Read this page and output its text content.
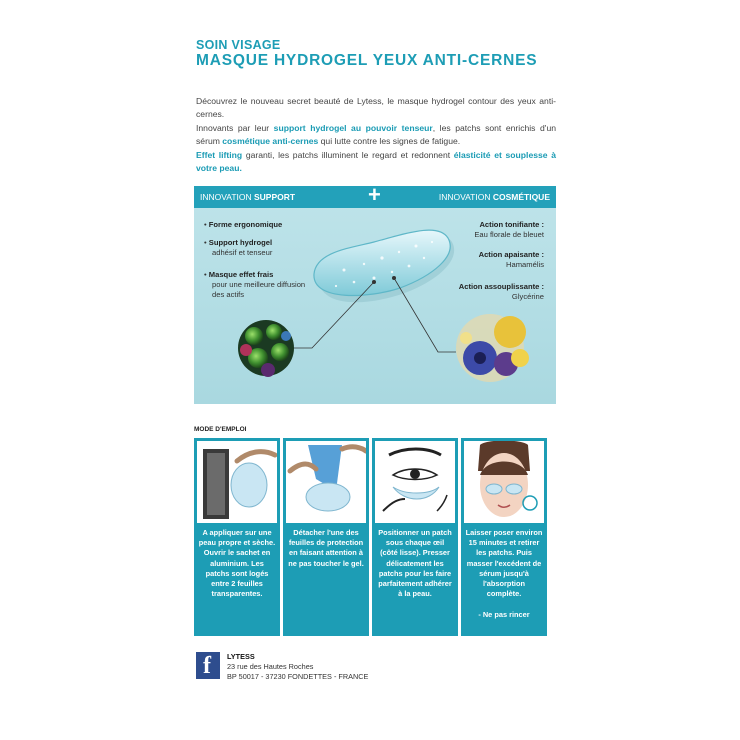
SOIN VISAGE
MASQUE HYDROGEL YEUX ANTI-CERNES
Découvrez le nouveau secret beauté de Lytess, le masque hydrogel contour des yeux anti-cernes.
Innovants par leur support hydrogel au pouvoir tenseur, les patchs sont enrichis d'un sérum cosmétique anti-cernes qui lutte contre les signes de fatigue.
Effet lifting garanti, les patchs illuminent le regard et redonnent élasticité et souplesse à votre peau.
INNOVATION SUPPORT	+	INNOVATION COSMÉTIQUE
• Forme ergonomique
• Support hydrogel
adhésif et tenseur
• Masque effet frais

pour une meilleure diffusion des actifs
Action tonifiante :
Eau florale de bleuet
Action apaisante :
Hamamélis
Action assouplissante :
Glycérine
MODE D'EMPLOI
A appliquer sur une peau propre et sèche. Ouvrir le sachet en aluminium. Les patchs sont logés entre 2 feuilles transparentes.
Détacher l'une des feuilles de protection en faisant attention à ne pas toucher le gel.
Positionner un patch sous chaque œil (côté lisse). Presser délicatement les patchs pour les faire parfaitement adhérer à la peau.
Laisser poser environ 15 minutes et retirer les patchs. Puis masser l'excédent de sérum jusqu'à l'absorption complète.

- Ne pas rincer
f LYTESS
23 rue des Hautes Roches
BP 50017 - 37230 FONDETTES - FRANCE
